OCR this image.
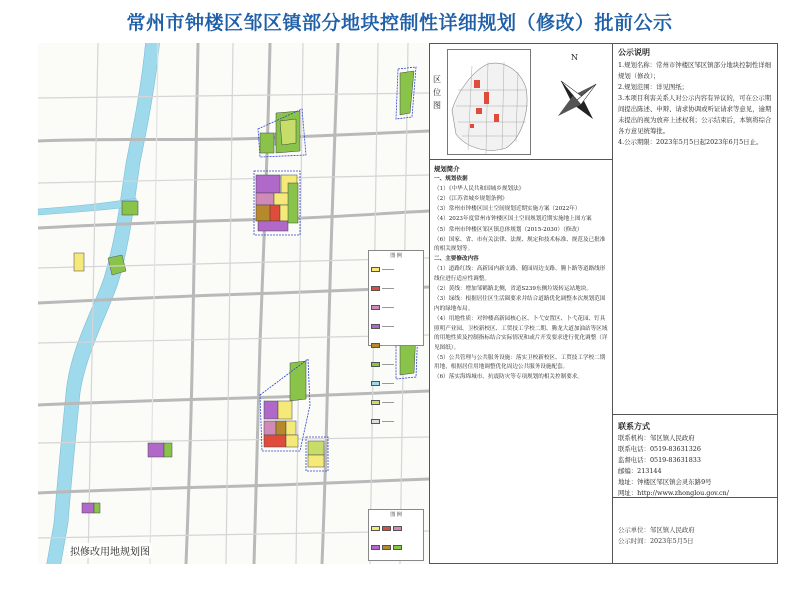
常州市钟楼区邹区镇部分地块控制性详细规划（修改）批前公示
图 例

图 例

拟修改用地规划图
区 位 图
N

规划简介

一、规划依据

（1）《中华人民共和国城乡规划法》

（2）《江苏省城乡规划条例》

（3）常州市钟楼区国土空间规划近期实施方案（2022年）

（4）2023年度常州市钟楼区国土空间规划近期实施地上图方案

（5）常州市钟楼区邹区镇总体规划（2015-2030）（修改）

（6）国家、省、市有关法律、法规、规定和技术标准、规范及已批准的相关规划等。

二、主要修改内容

（1）道路红线：高新园内新支路、随园周边支路、腾卜路等道路线形线位进行适应性调整。

（2）黄线：增加邹鹤路北侧，省道S239东侧垃圾转运站地块。

（3）绿线：根据居住区生活圈要求并结合道路优化调整本次规划范围内的绿地布局。

（4）用地性质：对钟楼高新园核心区、卜弋安置区、卜弋花园、钉具照明产业园、卫校新校区、工贸技工学校二期、腾龙大道加油站等区域的用地性质及控制指标结合实际情况和或片开发要求进行优化调整（详见图纸）。

（5）公共管理与公共服务设施：落实卫校新校区、工贸技工学校二期用地，根据居住用地调整优化周边公共服务设施配套。

（6）落实海绵城市、抗震防灾等专项规划的相关控制要求。

公示说明

1.规划名称：常州市钟楼区邹区镇部分地块控制性详细规划（修改）；

2.规划范围：详见图纸；

3.本项目利害关系人对公示内容有异议的，可在公示期间提出陈述、申辩、请求协调或听证请求等意见，逾期未提出的视为放弃上述权利；公示结束后，本镇将综合各方意见统筹批。

4.公示期限：2023年5月5日起2023年6月5日止。

联系方式

联系机构：邹区镇人民政府

联系电话：0519-83631326

监督电话：0519-83631833

邮编：213144

地址：钟楼区邹区镇会灵东路9号

网址：http://www.zhonglou.gov.cn/

公示单位：邹区镇人民政府

公示时间：2023年5月5日
